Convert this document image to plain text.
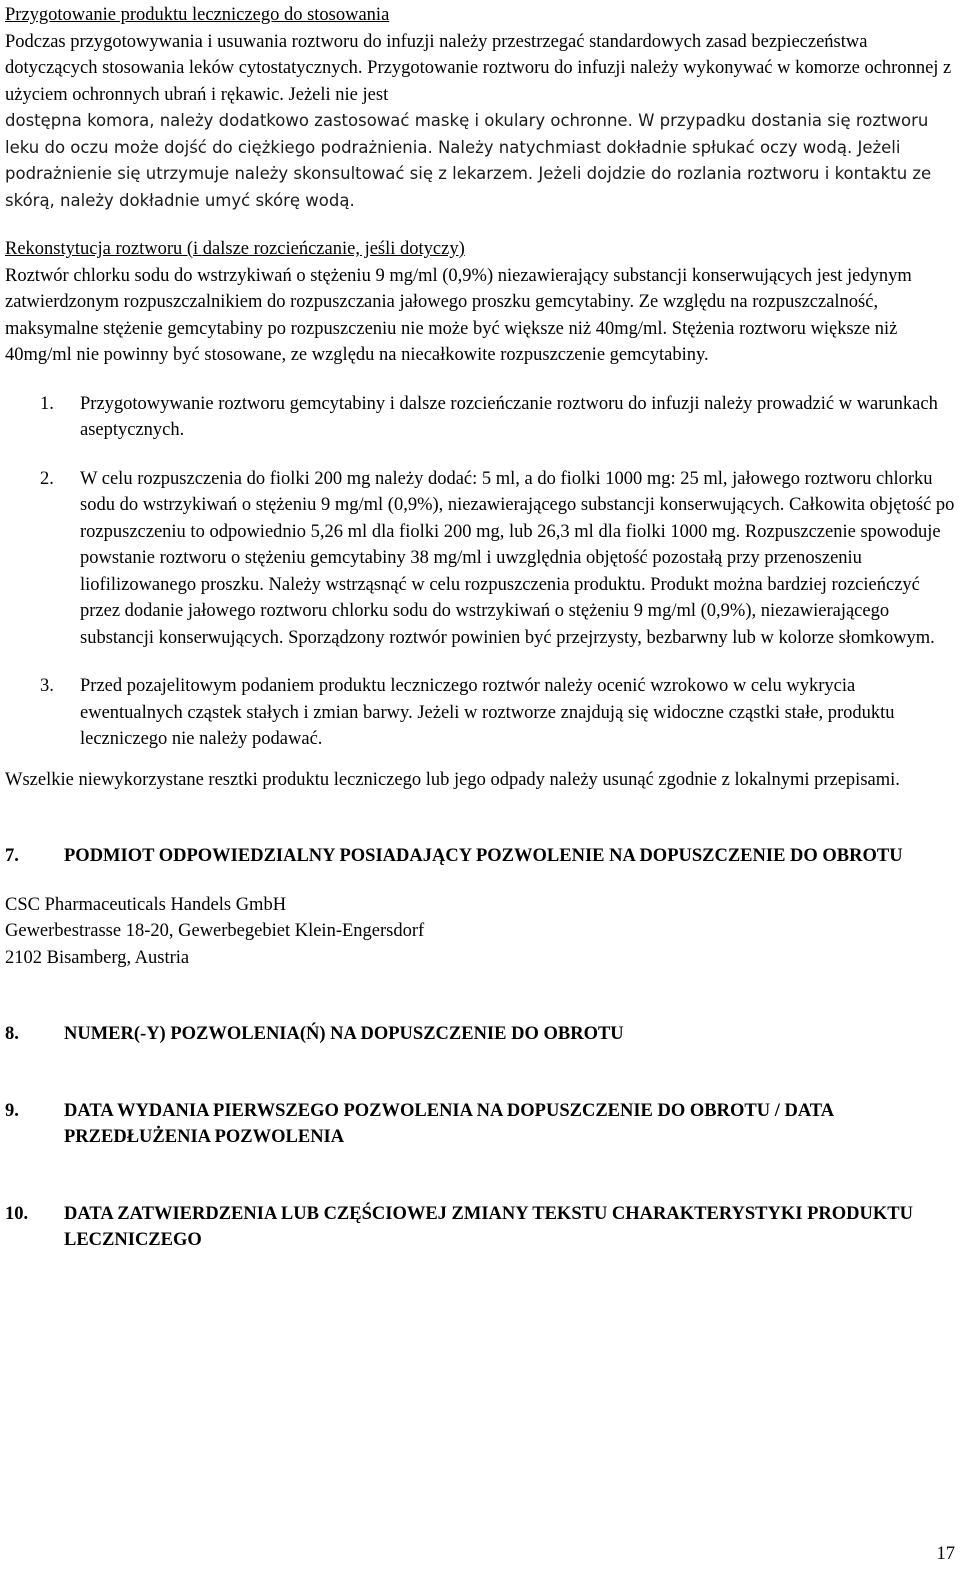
Przygotowanie produktu leczniczego do stosowania

Podczas przygotowywania i usuwania roztworu do infuzji należy przestrzegać standardowych zasad bezpieczeństwa dotyczących stosowania leków cytostatycznych. Przygotowanie roztworu do infuzji należy wykonywać w komorze ochronnej z użyciem ochronnych ubrań i rękawic. Jeżeli nie jest

dostępna komora, należy dodatkowo zastosować maskę i okulary ochronne. W przypadku dostania się roztworu leku do oczu może dojść do ciężkiego podrażnienia. Należy natychmiast dokładnie spłukać oczy wodą. Jeżeli podrażnienie się utrzymuje należy skonsultować się z lekarzem. Jeżeli dojdzie do rozlania roztworu i kontaktu ze skórą, należy dokładnie umyć skórę wodą.

Rekonstytucja roztworu (i dalsze rozcieńczanie, jeśli dotyczy)

Roztwór chlorku sodu do wstrzykiwań o stężeniu 9 mg/ml (0,9%) niezawierający substancji konserwujących jest jedynym zatwierdzonym rozpuszczalnikiem do rozpuszczania jałowego proszku gemcytabiny. Ze względu na rozpuszczalność, maksymalne stężenie gemcytabiny po rozpuszczeniu nie może być większe niż 40mg/ml. Stężenia roztworu większe niż 40mg/ml nie powinny być stosowane, ze względu na niecałkowite rozpuszczenie gemcytabiny.

1. Przygotowywanie roztworu gemcytabiny i dalsze rozcieńczanie roztworu do infuzji należy prowadzić w warunkach aseptycznych.

2. W celu rozpuszczenia do fiolki 200 mg należy dodać: 5 ml, a do fiolki 1000 mg: 25 ml, jałowego roztworu chlorku sodu do wstrzykiwań o stężeniu 9 mg/ml (0,9%), niezawierającego substancji konserwujących. Całkowita objętość po rozpuszczeniu to odpowiednio 5,26 ml dla fiolki 200 mg, lub 26,3 ml dla fiolki 1000 mg. Rozpuszczenie spowoduje powstanie roztworu o stężeniu gemcytabiny 38 mg/ml i uwzględnia objętość pozostałą przy przenoszeniu liofilizowanego proszku. Należy wstrząsnąć w celu rozpuszczenia produktu. Produkt można bardziej rozcieńczyć przez dodanie jałowego roztworu chlorku sodu do wstrzykiwań o stężeniu 9 mg/ml (0,9%), niezawierającego substancji konserwujących. Sporządzony roztwór powinien być przejrzysty, bezbarwny lub w kolorze słomkowym.

3. Przed pozajelitowym podaniem produktu leczniczego roztwór należy ocenić wzrokowo w celu wykrycia ewentualnych cząstek stałych i zmian barwy. Jeżeli w roztworze znajdują się widoczne cząstki stałe, produktu leczniczego nie należy podawać.

Wszelkie niewykorzystane resztki produktu leczniczego lub jego odpady należy usunąć zgodnie z lokalnymi przepisami.

7. PODMIOT ODPOWIEDZIALNY POSIADAJĄCY POZWOLENIE NA DOPUSZCZENIE DO OBROTU

CSC Pharmaceuticals Handels GmbH

Gewerbestrasse 18-20, Gewerbegebiet Klein-Engersdorf

2102 Bisamberg, Austria

8. NUMER(-Y) POZWOLENIA(Ń) NA DOPUSZCZENIE DO OBROTU
9. DATA WYDANIA PIERWSZEGO POZWOLENIA NA DOPUSZCZENIE DO OBROTU / DATA PRZEDŁUŻENIA POZWOLENIA
10. DATA ZATWIERDZENIA LUB CZĘŚCIOWEJ ZMIANY TEKSTU CHARAKTERYSTYKI PRODUKTU LECZNICZEGO
17
